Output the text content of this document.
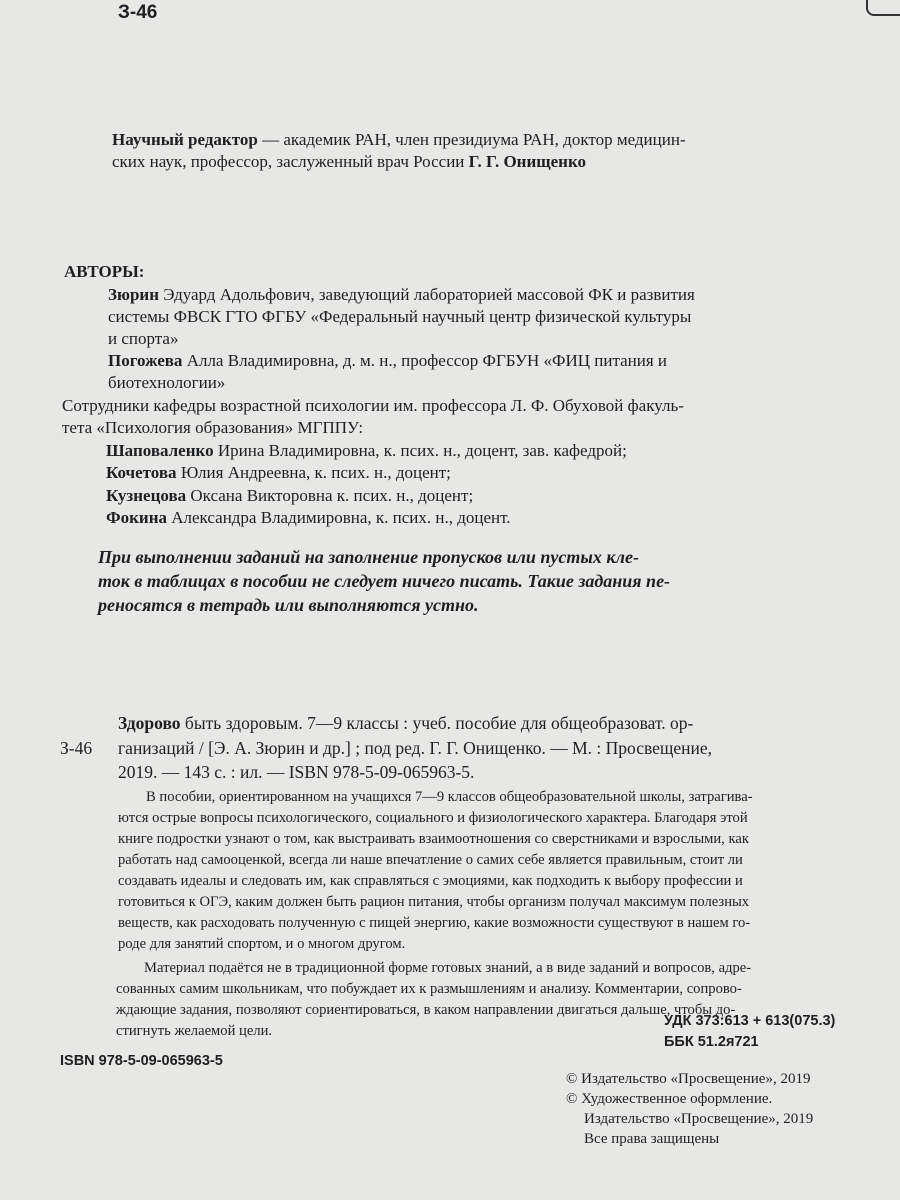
З-46
Научный редактор — академик РАН, член президиума РАН, доктор медицин-
ских наук, профессор, заслуженный врач России Г. Г. Онищенко
АВТОРЫ:
Зюрин Эдуард Адольфович, заведующий лабораторией массовой ФК и развития
системы ФВСК ГТО ФГБУ «Федеральный научный центр физической культуры
и спорта»
Погожева Алла Владимировна, д. м. н., профессор ФГБУН «ФИЦ питания и
биотехнологии»
Сотрудники кафедры возрастной психологии им. профессора Л. Ф. Обуховой факуль-
тета «Психология образования» МГППУ:
Шаповаленко Ирина Владимировна, к. псих. н., доцент, зав. кафедрой;
Кочетова Юлия Андреевна, к. псих. н., доцент;
Кузнецова Оксана Викторовна к. псих. н., доцент;
Фокина Александра Владимировна, к. псих. н., доцент.
При выполнении заданий на заполнение пропусков или пустых кле-
ток в таблицах в пособии не следует ничего писать. Такие задания пе-
реносятся в тетрадь или выполняются устно.
Здорово быть здоровым. 7—9 классы : учеб. пособие для общеобразоват. ор-
З-46 ганизаций / [Э. А. Зюрин и др.] ; под ред. Г. Г. Онищенко. — М. : Просвещение,
2019. — 143 с. : ил. — ISBN 978-5-09-065963-5.
В пособии, ориентированном на учащихся 7—9 классов общеобразовательной школы, затрагива-
ются острые вопросы психологического, социального и физиологического характера. Благодаря этой
книге подростки узнают о том, как выстраивать взаимоотношения со сверстниками и взрослыми, как
работать над самооценкой, всегда ли наше впечатление о самих себе является правильным, стоит ли
создавать идеалы и следовать им, как справляться с эмоциями, как подходить к выбору профессии и
готовиться к ОГЭ, каким должен быть рацион питания, чтобы организм получал максимум полезных
веществ, как расходовать полученную с пищей энергию, какие возможности существуют в нашем го-
роде для занятий спортом, и о многом другом.
Материал подаётся не в традиционной форме готовых знаний, а в виде заданий и вопросов, адре-
сованных самим школьникам, что побуждает их к размышлениям и анализу. Комментарии, сопрово-
ждающие задания, позволяют сориентироваться, в каком направлении двигаться дальше, чтобы до-
стигнуть желаемой цели.
УДК 373:613 + 613(075.3)
ББК 51.2я721
ISBN 978-5-09-065963-5
© Издательство «Просвещение», 2019
© Художественное оформление.
Издательство «Просвещение», 2019
Все права защищены
